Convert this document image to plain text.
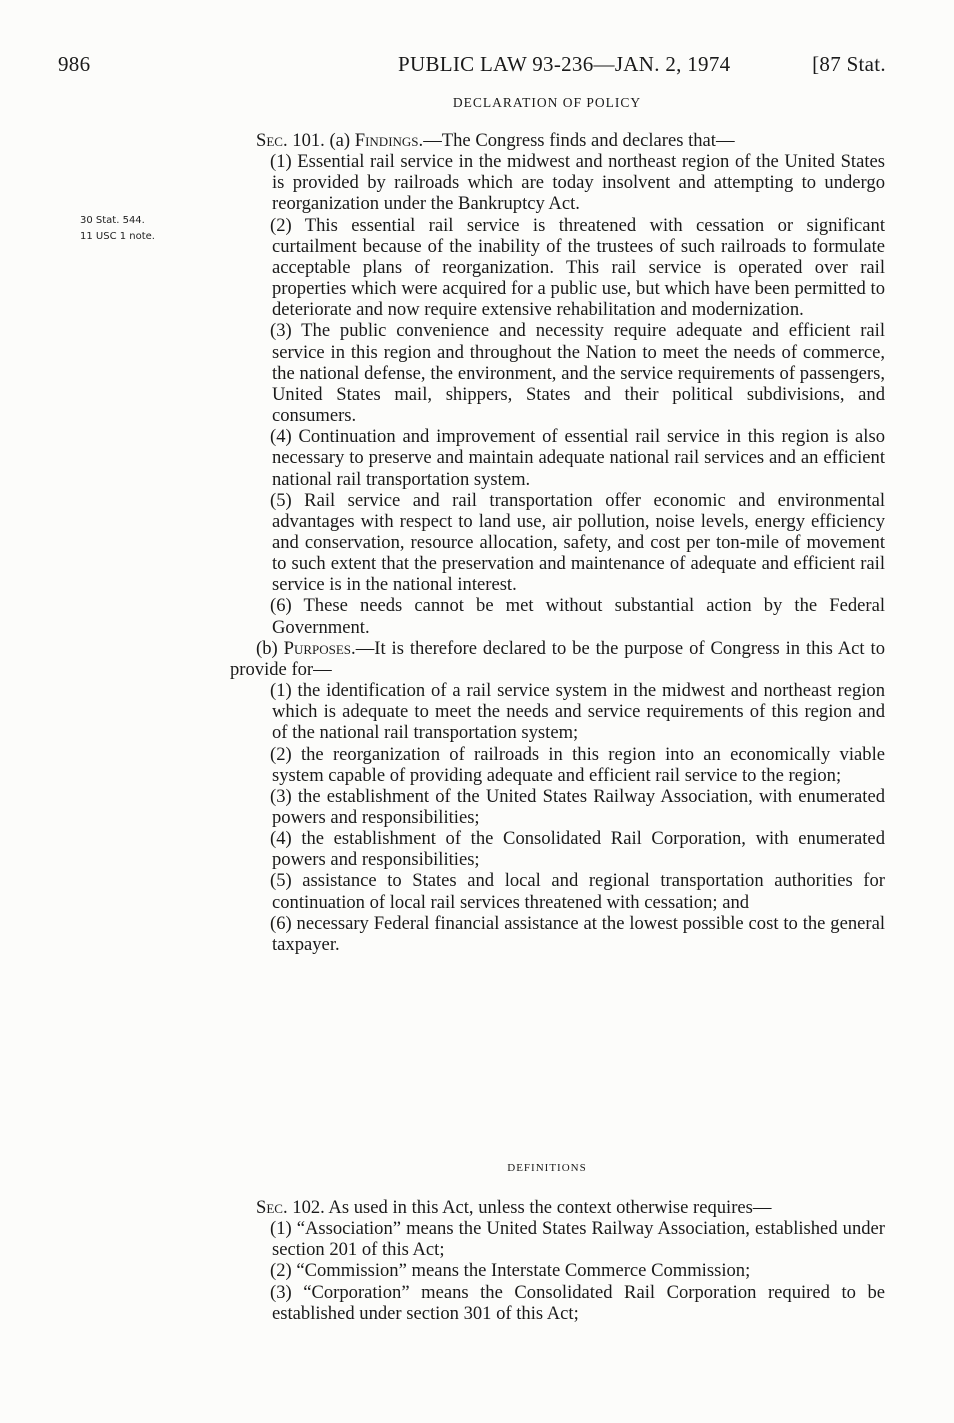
986	PUBLIC LAW 93-236—JAN. 2, 1974	[87 Stat.
DECLARATION OF POLICY
30 Stat. 544.
11 USC 1 note.

Sec. 101. (a) Findings.—The Congress finds and declares that—

(1) Essential rail service in the midwest and northeast region of the United States is provided by railroads which are today insolvent and attempting to undergo reorganization under the Bankruptcy Act.

(2) This essential rail service is threatened with cessation or significant curtailment because of the inability of the trustees of such railroads to formulate acceptable plans of reorganization. This rail service is operated over rail properties which were acquired for a public use, but which have been permitted to deteriorate and now require extensive rehabilitation and modernization.

(3) The public convenience and necessity require adequate and efficient rail service in this region and throughout the Nation to meet the needs of commerce, the national defense, the environment, and the service requirements of passengers, United States mail, shippers, States and their political subdivisions, and consumers.

(4) Continuation and improvement of essential rail service in this region is also necessary to preserve and maintain adequate national rail services and an efficient national rail transportation system.

(5) Rail service and rail transportation offer economic and environmental advantages with respect to land use, air pollution, noise levels, energy efficiency and conservation, resource allocation, safety, and cost per ton-mile of movement to such extent that the preservation and maintenance of adequate and efficient rail service is in the national interest.

(6) These needs cannot be met without substantial action by the Federal Government.

(b) Purposes.—It is therefore declared to be the purpose of Congress in this Act to provide for—

(1) the identification of a rail service system in the midwest and northeast region which is adequate to meet the needs and service requirements of this region and of the national rail transportation system;

(2) the reorganization of railroads in this region into an economically viable system capable of providing adequate and efficient rail service to the region;

(3) the establishment of the United States Railway Association, with enumerated powers and responsibilities;

(4) the establishment of the Consolidated Rail Corporation, with enumerated powers and responsibilities;

(5) assistance to States and local and regional transportation authorities for continuation of local rail services threatened with cessation; and

(6) necessary Federal financial assistance at the lowest possible cost to the general taxpayer.

DEFINITIONS

Sec. 102. As used in this Act, unless the context otherwise requires—

(1) “Association” means the United States Railway Association, established under section 201 of this Act;

(2) “Commission” means the Interstate Commerce Commission;

(3) “Corporation” means the Consolidated Rail Corporation required to be established under section 301 of this Act;
